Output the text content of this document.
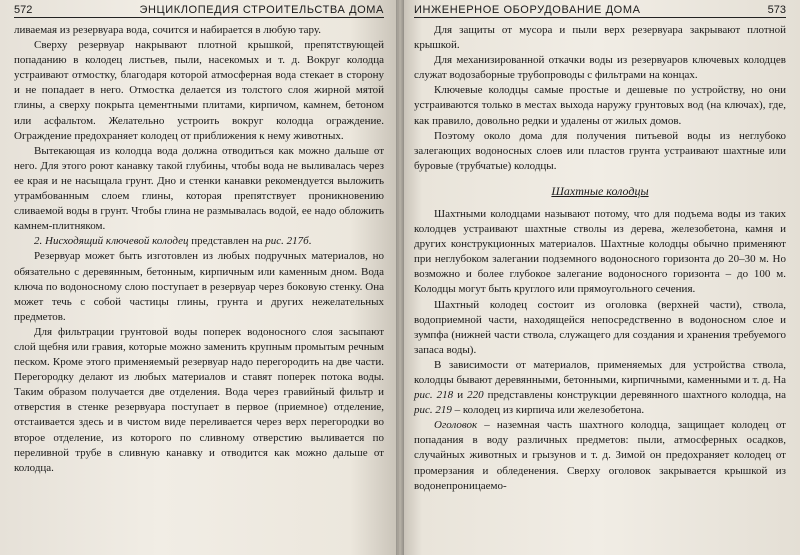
572	ЭНЦИКЛОПЕДИЯ СТРОИТЕЛЬСТВА ДОМА

ливаемая из резервуара вода, сочится и набирается в любую тару.

Сверху резервуар накрывают плотной крышкой, препятствующей попаданию в колодец листьев, пыли, насекомых и т. д. Вокруг колодца устраивают отмостку, благодаря которой атмосферная вода стекает в сторону и не попадает в него. Отмостка делается из толстого слоя жирной мятой глины, а сверху покрыта цементными плитами, кирпичом, камнем, бетоном или асфальтом. Желательно устроить вокруг колодца ограждение. Ограждение предохраняет колодец от приближения к нему животных.

Вытекающая из колодца вода должна отводиться как можно дальше от него. Для этого роют канавку такой глубины, чтобы вода не выливалась через ее края и не насыщала грунт. Дно и стенки канавки рекомендуется выложить утрамбованным слоем глины, которая препятствует проникновению сливаемой воды в грунт. Чтобы глина не размывалась водой, ее надо обложить камнем-плитняком.

2. Нисходящий ключевой колодец представлен на рис. 217б.

Резервуар может быть изготовлен из любых подручных материалов, но обязательно с деревянным, бетонным, кирпичным или каменным дном. Вода ключа по водоносному слою поступает в резервуар через боковую стенку. Она может течь с собой частицы глины, грунта и других нежелательных предметов.

Для фильтрации грунтовой воды поперек водоносного слоя засыпают слой щебня или гравия, которые можно заменить крупным промытым речным песком. Кроме этого применяемый резервуар надо перегородить на две части. Перегородку делают из любых материалов и ставят поперек потока воды. Таким образом получается две отделения. Вода через гравийный фильтр и отверстия в стенке резервуара поступает в первое (приемное) отделение, отстаивается здесь и в чистом виде переливается через верх перегородки во второе отделение, из которого по сливному отверстию выливается по переливной трубе в сливную канавку и отводится как можно дальше от колодца.

ИНЖЕНЕРНОЕ ОБОРУДОВАНИЕ ДОМА	573

Для защиты от мусора и пыли верх резервуара закрывают плотной крышкой.

Для механизированной откачки воды из резервуаров ключевых колодцев служат водозаборные трубопроводы с фильтрами на концах.

Ключевые колодцы самые простые и дешевые по устройству, но они устраиваются только в местах выхода наружу грунтовых вод (на ключах), где, как правило, довольно редки и удалены от жилых домов.

Поэтому около дома для получения питьевой воды из неглубоко залегающих водоносных слоев или пластов грунта устраивают шахтные или буровые (трубчатые) колодцы.

Шахтные колодцы

Шахтными колодцами называют потому, что для подъема воды из таких колодцев устраивают шахтные стволы из дерева, железобетона, камня и других конструкционных материалов. Шахтные колодцы обычно применяют при неглубоком залегании подземного водоносного горизонта до 20–30 м. Но возможно и более глубокое залегание водоносного горизонта – до 100 м. Колодцы могут быть круглого или прямоугольного сечения.

Шахтный колодец состоит из оголовка (верхней части), ствола, водоприемной части, находящейся непосредственно в водоносном слое и зумпфа (нижней части ствола, служащего для создания и хранения требуемого запаса воды).

В зависимости от материалов, применяемых для устройства ствола, колодцы бывают деревянными, бетонными, кирпичными, каменными и т. д. На рис. 218 и 220 представлены конструкции деревянного шахтного колодца, на рис. 219 – колодец из кирпича или железобетона.

Оголовок – наземная часть шахтного колодца, защищает колодец от попадания в воду различных предметов: пыли, атмосферных осадков, случайных животных и грызунов и т. д. Зимой он предохраняет колодец от промерзания и обледенения. Сверху оголовок закрывается крышкой из водонепроницаемо-
